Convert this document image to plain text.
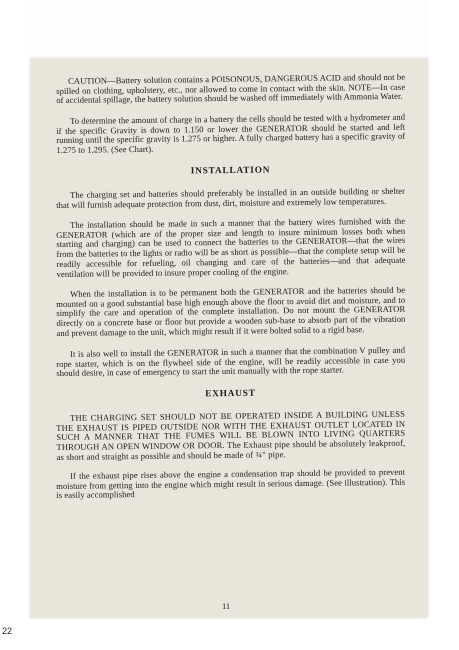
CAUTION—Battery solution contains a POISONOUS, DANGEROUS ACID and should not be spilled on clothing, upholstery, etc., nor allowed to come in contact with the skin. NOTE—In case of accidental spillage, the battery solution should be washed off immediately with Ammonia Water.

To determine the amount of charge in a battery the cells should be tested with a hydrometer and if the specific Gravity is down to 1.150 or lower the GENERATOR should be started and left running until the specific gravity is 1.275 or higher. A fully charged battery has a specific gravity of 1.275 to 1.295. (See Chart).

INSTALLATION

The charging set and batteries should preferably be installed in an outside building or shelter that will furnish adequate protection from dust, dirt, moisture and extremely low temperatures.

The installation should be made in such a manner that the battery wires furnished with the GENERATOR (which are of the proper size and length to insure minimum losses both when starting and charging) can be used to connect the batteries to the GENERATOR—that the wires from the batteries to the lights or radio will be as short as possible—that the complete setup will be readily accessible for refueling, oil changing and care of the batteries—and that adequate ventilation will be provided to insure proper cooling of the engine.

When the installation is to be permanent both the GENERATOR and the batteries should be mounted on a good substantial base high enough above the floor to avoid dirt and moisture, and to simplify the care and operation of the complete installation. Do not mount the GENERATOR directly on a concrete base or floor but provide a wooden sub-base to absorb part of the vibration and prevent damage to the unit, which might result if it were bolted solid to a rigid base.

It is also well to install the GENERATOR in such a manner that the combination V pulley and rope starter, which is on the flywheel side of the engine, will be readily accessible in case you should desire, in case of emergency to start the unit manually with the rope starter.

EXHAUST

THE CHARGING SET SHOULD NOT BE OPERATED INSIDE A BUILDING UNLESS THE EXHAUST IS PIPED OUTSIDE NOR WITH THE EXHAUST OUTLET LOCATED IN SUCH A MANNER THAT THE FUMES WILL BE BLOWN INTO LIVING QUARTERS THROUGH AN OPEN WINDOW OR DOOR. The Exhaust pipe should be absolutely leakproof, as short and straight as possible and should be made of ¾" pipe.

If the exhaust pipe rises above the engine a condensation trap should be provided to prevent moisture from getting into the engine which might result in serious damage. (See illustration). This is easily accomplished

11
22
